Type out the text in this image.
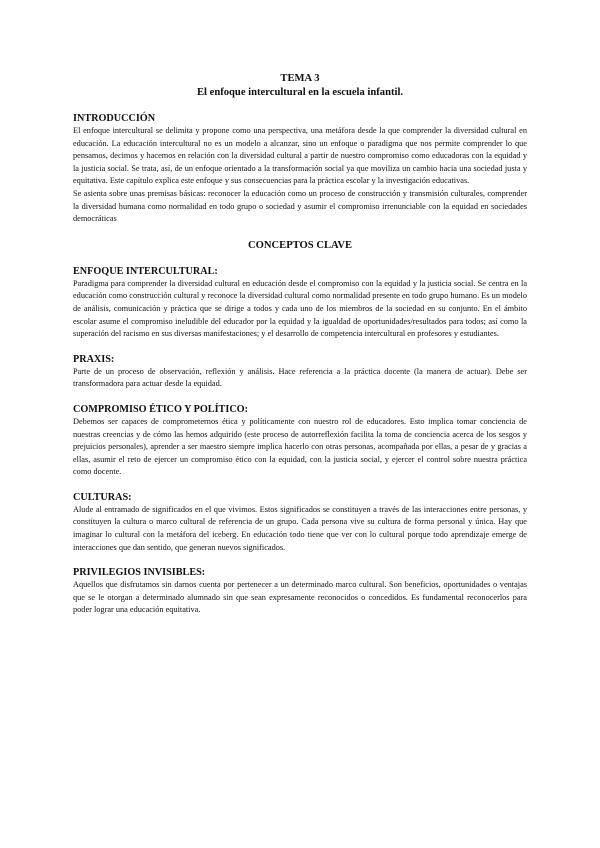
TEMA 3
El enfoque intercultural en la escuela infantil.

INTRODUCCIÓN

El enfoque intercultural se delimita y propone como una perspectiva, una metáfora desde la que comprender la diversidad cultural en educación. La educación intercultural no es un modelo a alcanzar, sino un enfoque o paradigma que nos permite comprender lo que pensamos, decimos y hacemos en relación con la diversidad cultural a partir de nuestro compromiso como educadoras con la equidad y la justicia social. Se trata, así, de un enfoque orientado a la transformación social ya que moviliza un cambio hacia una sociedad justa y equitativa. Este capítulo explica este enfoque y sus consecuencias para la práctica escolar y la investigación educativas.

Se asienta sobre unas premisas básicas: reconocer la educación como un proceso de construcción y transmisión culturales, comprender la diversidad humana como normalidad en todo grupo o sociedad y asumir el compromiso irrenunciable con la equidad en sociedades democráticas

CONCEPTOS CLAVE

ENFOQUE INTERCULTURAL:

Paradigma para comprender la diversidad cultural en educación desde el compromiso con la equidad y la justicia social. Se centra en la educación como construcción cultural y reconoce la diversidad cultural como normalidad presente en todo grupo humano. Es un modelo de análisis, comunicación y práctica que se dirige a todos y cada uno de los miembros de la sociedad en su conjunto. En el ámbito escolar asume el compromiso ineludible del educador por la equidad y la igualdad de oportunidades/resultados para todos; así como la superación del racismo en sus diversas manifestaciones; y el desarrollo de competencia intercultural en profesores y estudiantes.

PRAXIS:

Parte de un proceso de observación, reflexión y análisis. Hace referencia a la práctica docente (la manera de actuar). Debe ser transformadora para actuar desde la equidad.

COMPROMISO ÉTICO Y POLÍTICO:

Debemos ser capaces de comprometernos ética y políticamente con nuestro rol de educadores. Esto implica tomar conciencia de nuestras creencias y de cómo las hemos adquirido (este proceso de autorreflexión facilita la toma de conciencia acerca de los sesgos y prejuicios personales), aprender a ser maestro siempre implica hacerlo con otras personas, acompañada por ellas, a pesar de y gracias a ellas, asumir el reto de ejercer un compromiso ético con la equidad, con la justicia social, y ejercer el control sobre nuestra práctica como docente.

CULTURAS:

Alude al entramado de significados en el que vivimos. Estos significados se constituyen a través de las interacciones entre personas, y constituyen la cultura o marco cultural de referencia de un grupo. Cada persona vive su cultura de forma personal y única. Hay que imaginar lo cultural con la metáfora del iceberg. En educación todo tiene que ver con lo cultural porque todo aprendizaje emerge de interacciones que dan sentido, que generan nuevos significados.

PRIVILEGIOS INVISIBLES:

Aquellos que disfrutamos sin darnos cuenta por pertenecer a un determinado marco cultural. Son beneficios, oportunidades o ventajas que se le otorgan a determinado alumnado sin que sean expresamente reconocidos o concedidos. Es fundamental reconocerlos para poder lograr una educación equitativa.
